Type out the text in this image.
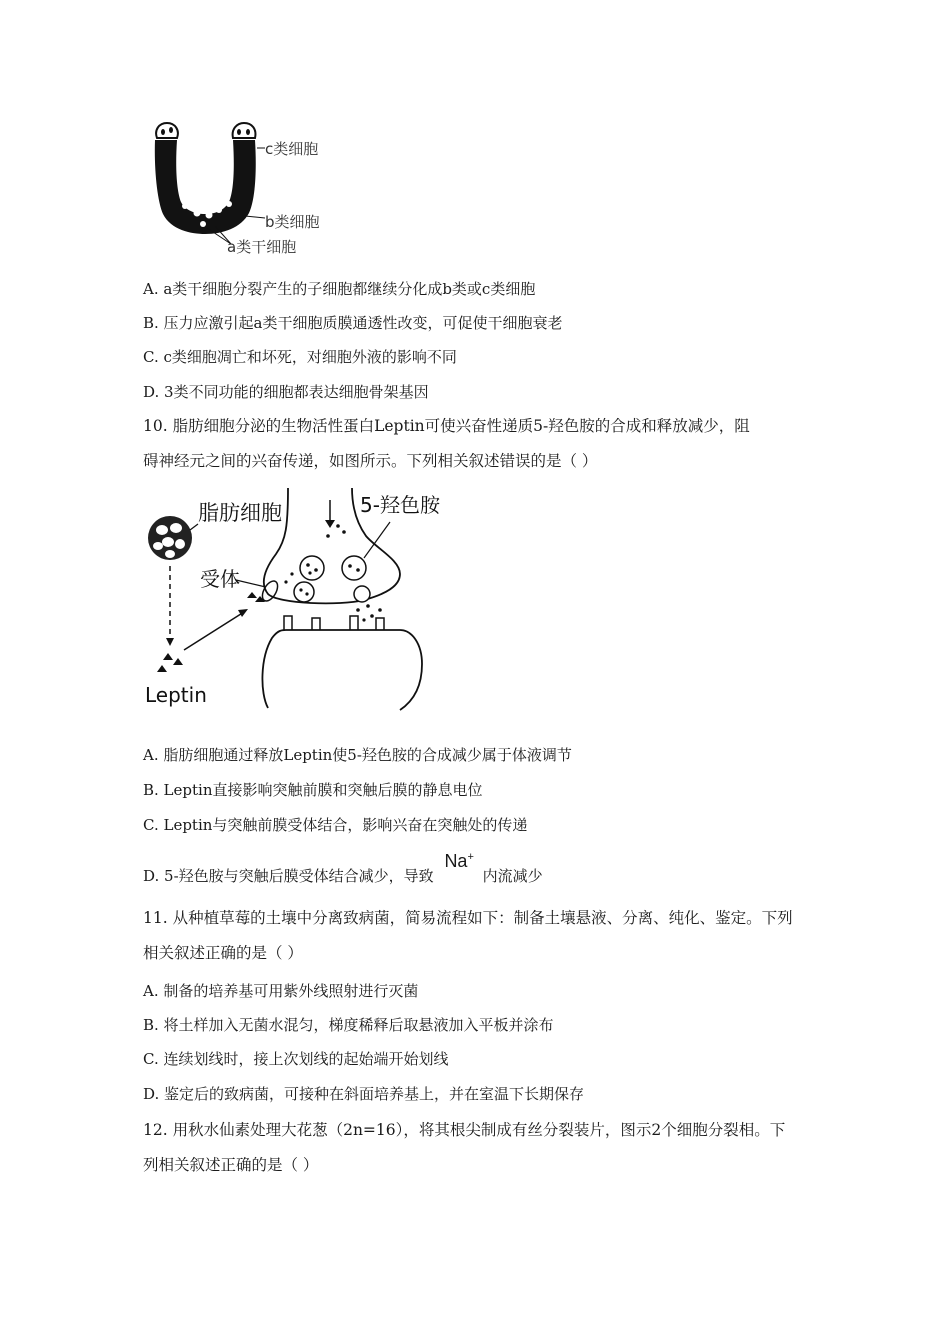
c类细胞
b类细胞
a类干细胞
A. a类干细胞分裂产生的子细胞都继续分化成b类或c类细胞
B. 压力应激引起a类干细胞质膜通透性改变，可促使干细胞衰老
C. c类细胞凋亡和坏死，对细胞外液的影响不同
D. 3类不同功能的细胞都表达细胞骨架基因
10. 脂肪细胞分泌的生物活性蛋白Leptin可使兴奋性递质5-羟色胺的合成和释放减少，阻
碍神经元之间的兴奋传递，如图所示。下列相关叙述错误的是（ ）
脂肪细胞
Leptin
受体
5-羟色胺
A. 脂肪细胞通过释放Leptin使5-羟色胺的合成减少属于体液调节
B. Leptin直接影响突触前膜和突触后膜的静息电位
C. Leptin与突触前膜受体结合，影响兴奋在突触处的传递
D. 5-羟色胺与突触后膜受体结合减少，导致 Na+ 内流减少
11. 从种植草莓的土壤中分离致病菌，简易流程如下：制备土壤悬液、分离、纯化、鉴定。下列
相关叙述正确的是（ ）
A. 制备的培养基可用紫外线照射进行灭菌
B. 将土样加入无菌水混匀，梯度稀释后取悬液加入平板并涂布
C. 连续划线时，接上次划线的起始端开始划线
D. 鉴定后的致病菌，可接种在斜面培养基上，并在室温下长期保存
12. 用秋水仙素处理大花葱（2n=16），将其根尖制成有丝分裂装片，图示2个细胞分裂相。下
列相关叙述正确的是（ ）
